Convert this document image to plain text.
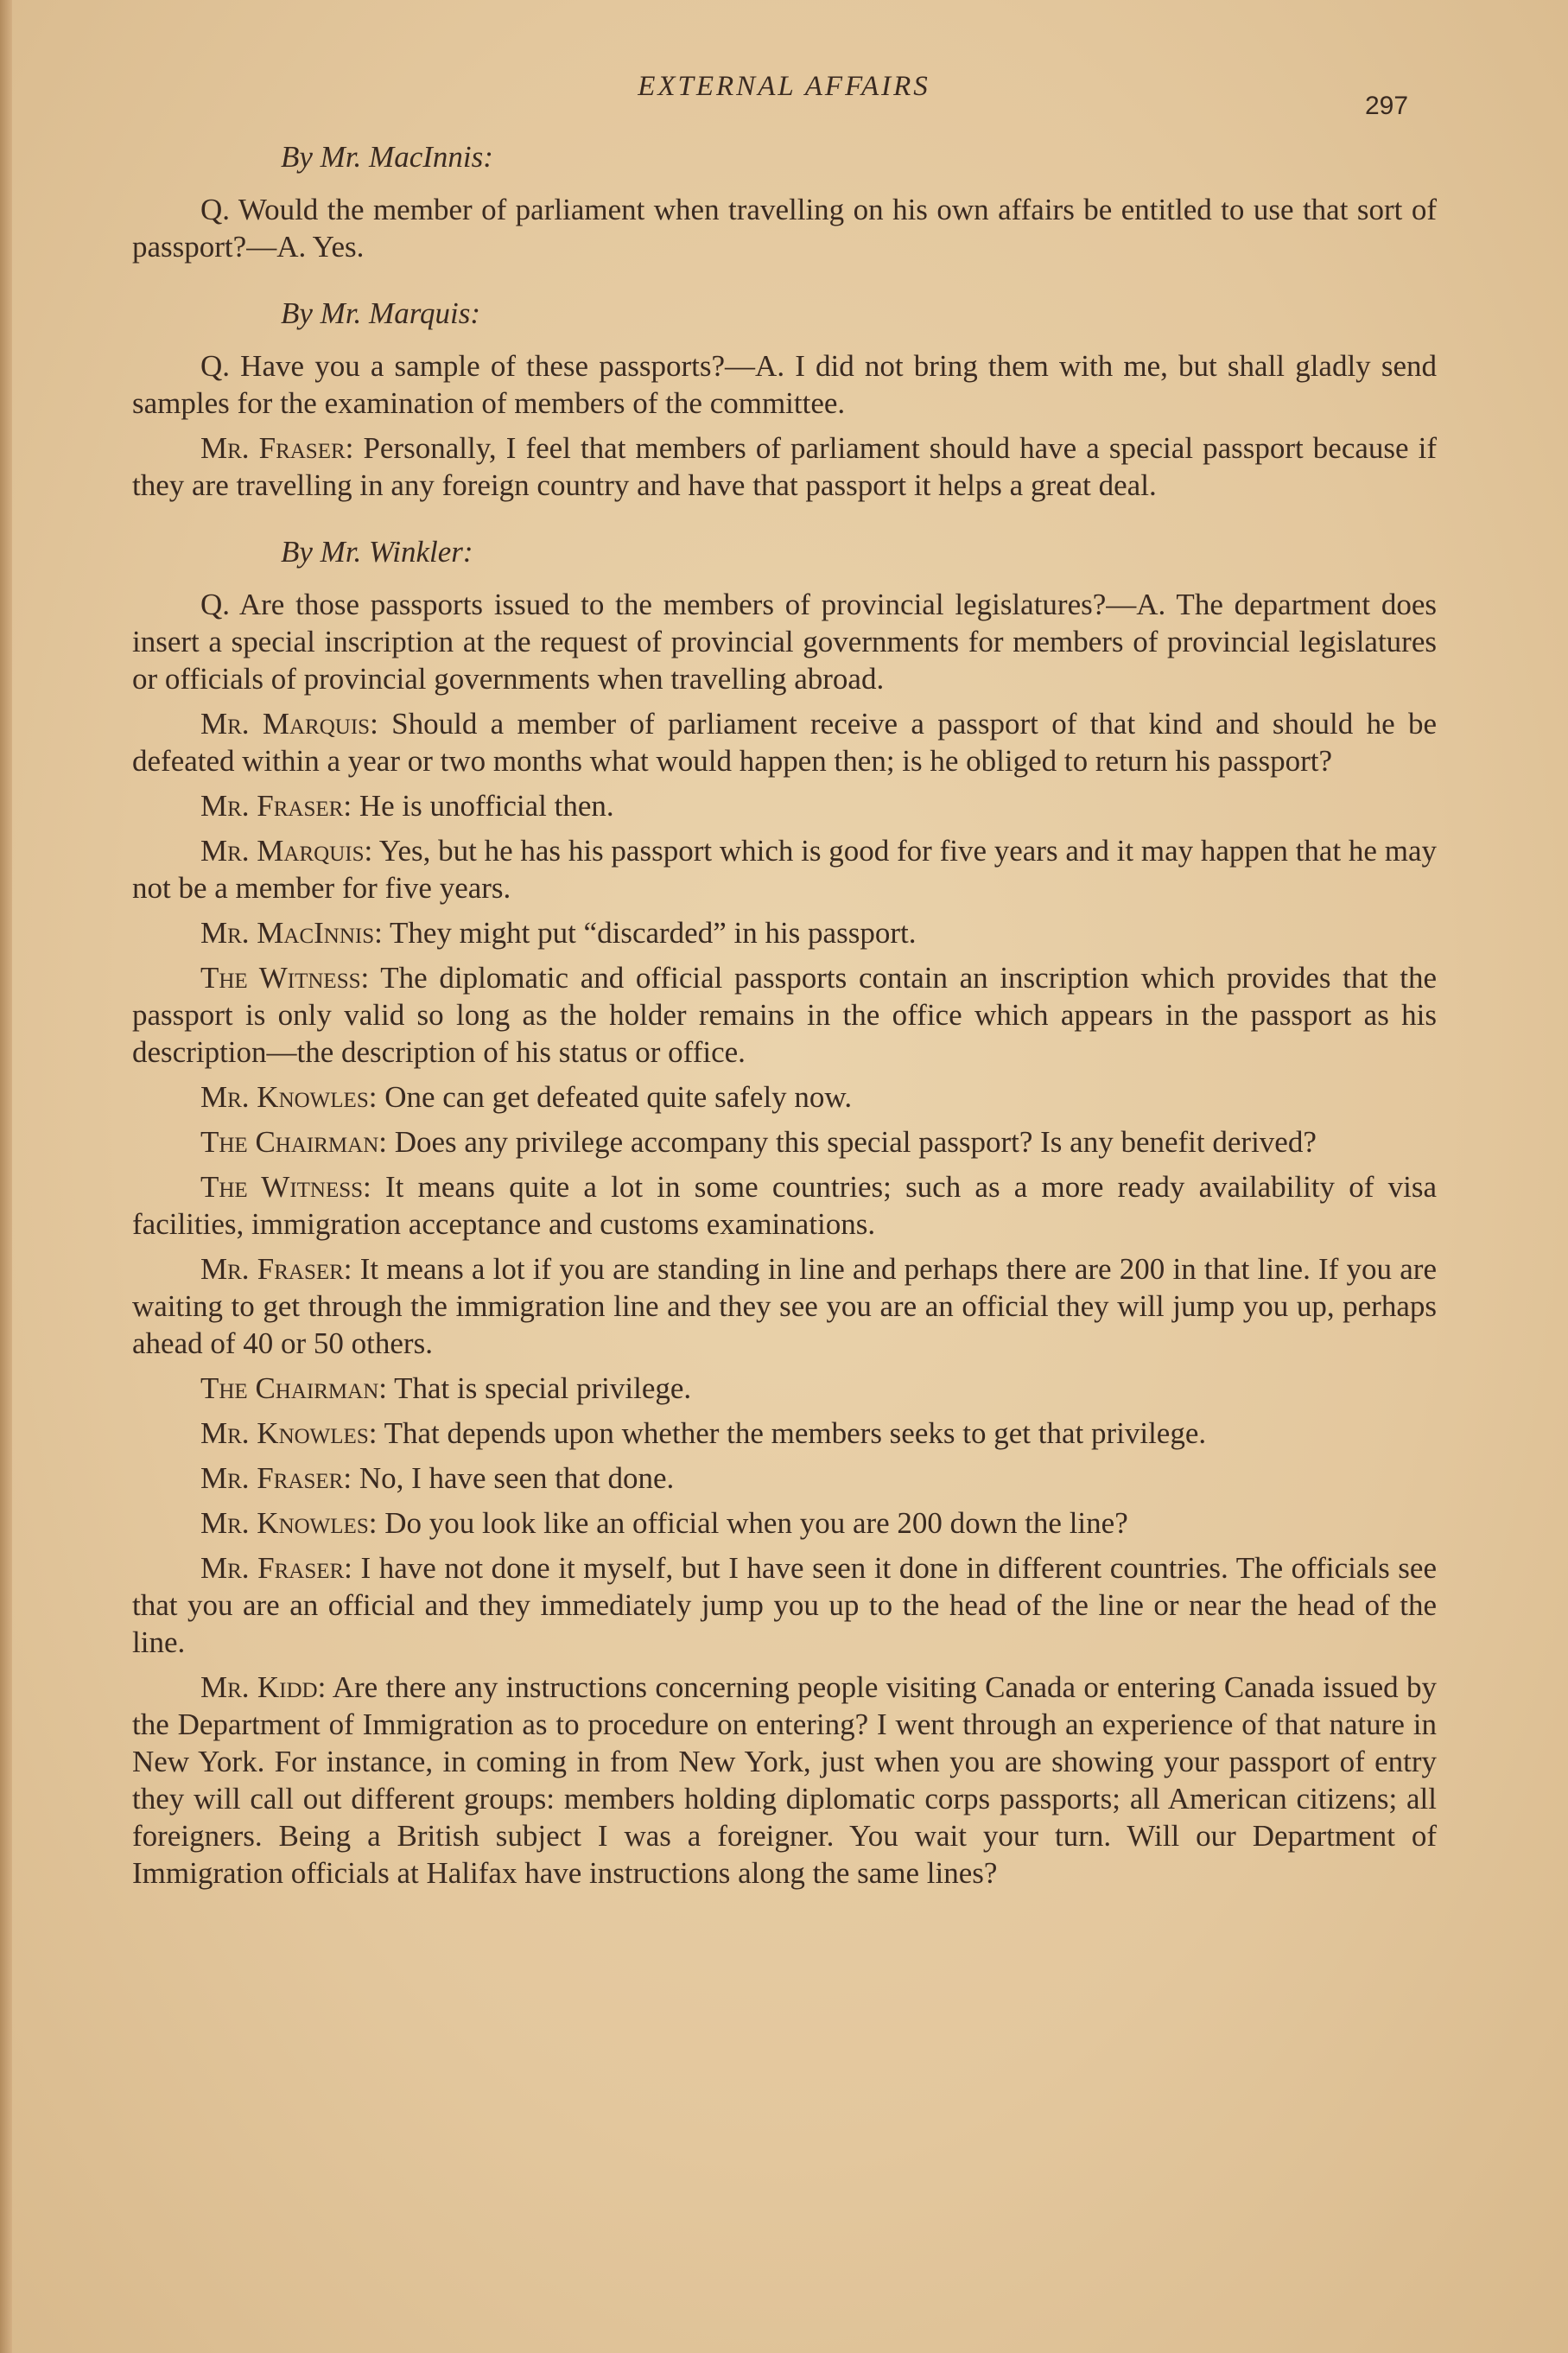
EXTERNAL AFFAIRS
297
By Mr. MacInnis:

Q. Would the member of parliament when travelling on his own affairs be entitled to use that sort of passport?—A. Yes.

By Mr. Marquis:

Q. Have you a sample of these passports?—A. I did not bring them with me, but shall gladly send samples for the examination of members of the committee.

Mr. Fraser: Personally, I feel that members of parliament should have a special passport because if they are travelling in any foreign country and have that passport it helps a great deal.

By Mr. Winkler:

Q. Are those passports issued to the members of provincial legislatures?—A. The department does insert a special inscription at the request of provincial governments for members of provincial legislatures or officials of provincial governments when travelling abroad.

Mr. Marquis: Should a member of parliament receive a passport of that kind and should he be defeated within a year or two months what would happen then; is he obliged to return his passport?

Mr. Fraser: He is unofficial then.

Mr. Marquis: Yes, but he has his passport which is good for five years and it may happen that he may not be a member for five years.

Mr. MacInnis: They might put “discarded” in his passport.

The Witness: The diplomatic and official passports contain an inscription which provides that the passport is only valid so long as the holder remains in the office which appears in the passport as his description—the description of his status or office.

Mr. Knowles: One can get defeated quite safely now.

The Chairman: Does any privilege accompany this special passport? Is any benefit derived?

The Witness: It means quite a lot in some countries; such as a more ready availability of visa facilities, immigration acceptance and customs examinations.

Mr. Fraser: It means a lot if you are standing in line and perhaps there are 200 in that line. If you are waiting to get through the immigration line and they see you are an official they will jump you up, perhaps ahead of 40 or 50 others.

The Chairman: That is special privilege.

Mr. Knowles: That depends upon whether the members seeks to get that privilege.

Mr. Fraser: No, I have seen that done.

Mr. Knowles: Do you look like an official when you are 200 down the line?

Mr. Fraser: I have not done it myself, but I have seen it done in different countries. The officials see that you are an official and they immediately jump you up to the head of the line or near the head of the line.

Mr. Kidd: Are there any instructions concerning people visiting Canada or entering Canada issued by the Department of Immigration as to procedure on entering? I went through an experience of that nature in New York. For instance, in coming in from New York, just when you are showing your passport of entry they will call out different groups: members holding diplomatic corps passports; all American citizens; all foreigners. Being a British subject I was a foreigner. You wait your turn. Will our Department of Immigration officials at Halifax have instructions along the same lines?
